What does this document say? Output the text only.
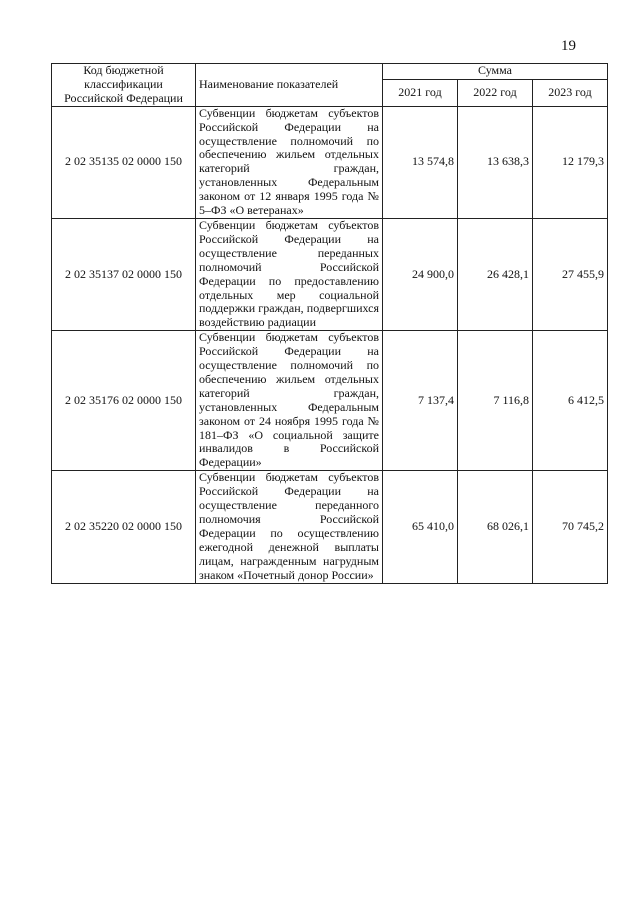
19
Код бюджетной классификации Российской Федерации	Наименование показателей	Сумма		
		2021 год	2022 год	2023 год
2 02 35135 02 0000 150	Субвенции бюджетам субъектов Российской Федерации на осуществление полномочий по обеспечению жильем отдельных категорий граждан, установленных Федеральным законом от 12 января 1995 года № 5–ФЗ «О ветеранах»	13 574,8	13 638,3	12 179,3
2 02 35137 02 0000 150	Субвенции бюджетам субъектов Российской Федерации на осуществление переданных полномочий Российской Федерации по предоставлению отдельных мер социальной поддержки граждан, подвергшихся воздействию радиации	24 900,0	26 428,1	27 455,9
2 02 35176 02 0000 150	Субвенции бюджетам субъектов Российской Федерации на осуществление полномочий по обеспечению жильем отдельных категорий граждан, установленных Федеральным законом от 24 ноября 1995 года № 181–ФЗ «О социальной защите инвалидов в Российской Федерации»	7 137,4	7 116,8	6 412,5
2 02 35220 02 0000 150	Субвенции бюджетам субъектов Российской Федерации на осуществление переданного полномочия Российской Федерации по осуществлению ежегодной денежной выплаты лицам, награжденным нагрудным знаком «Почетный донор России»	65 410,0	68 026,1	70 745,2
